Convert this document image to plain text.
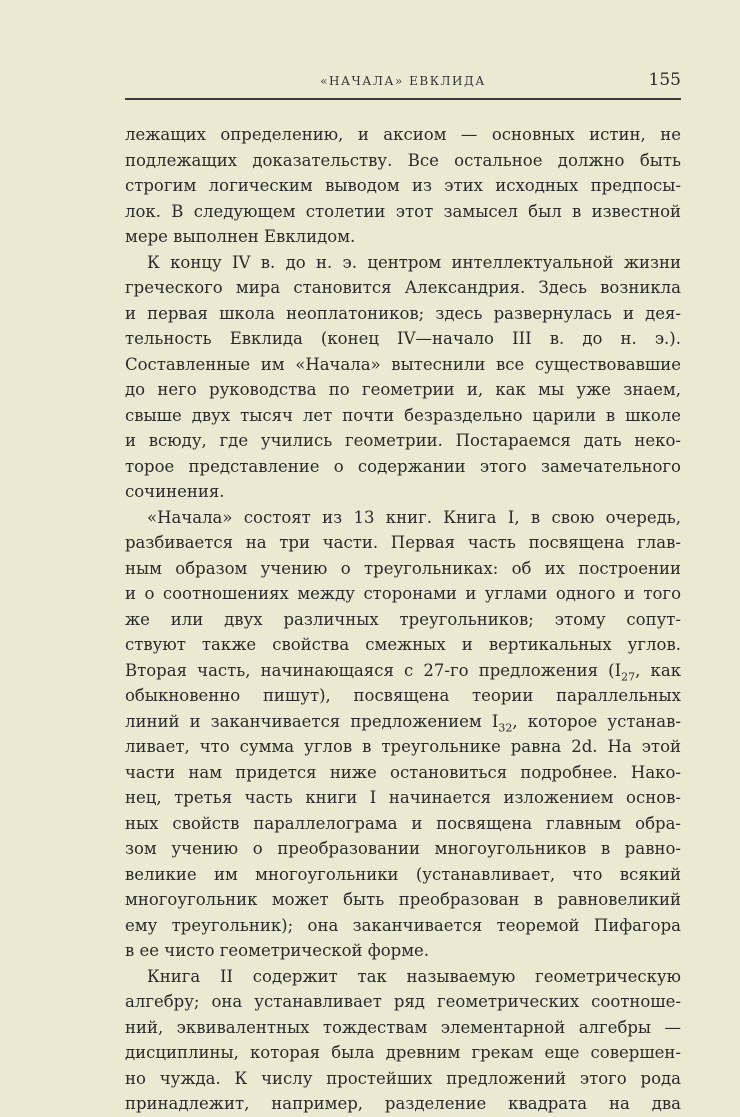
«НАЧАЛА» ЕВКЛИДА	155
лежащих определению, и аксиом — основных истин, не
подлежащих доказательству. Все остальное должно быть
строгим логическим выводом из этих исходных предпосы-
лок. В следующем столетии этот замысел был в известной
мере выполнен Евклидом.
К концу IV в. до н. э. центром интеллектуальной жизни
греческого мира становится Александрия. Здесь возникла
и первая школа неоплатоников; здесь развернулась и дея-
тельность Евклида (конец IV—начало III в. до н. э.).
Составленные им «Начала» вытеснили все существовавшие
до него руководства по геометрии и, как мы уже знаем,
свыше двух тысяч лет почти безраздельно царили в школе
и всюду, где учились геометрии. Постараемся дать неко-
торое представление о содержании этого замечательного
сочинения.
«Начала» состоят из 13 книг. Книга I, в свою очередь,
разбивается на три части. Первая часть посвящена глав-
ным образом учению о треугольниках: об их построении
и о соотношениях между сторонами и углами одного и того
же или двух различных треугольников; этому сопут-
ствуют также свойства смежных и вертикальных углов.
Вторая часть, начинающаяся с 27-го предложения ($I_{27}$, как
обыкновенно пишут), посвящена теории параллельных
линий и заканчивается предложением $I_{32}$, которое устанав-
ливает, что сумма углов в треугольнике равна 2d. На этой
части нам придется ниже остановиться подробнее. Нако-
нец, третья часть книги I начинается изложением основ-
ных свойств параллелограма и посвящена главным обра-
зом учению о преобразовании многоугольников в равно-
великие им многоугольники (устанавливает, что всякий
многоугольник может быть преобразован в равновеликий
ему треугольник); она заканчивается теоремой Пифагора
в ее чисто геометрической форме.
Книга II содержит так называемую геометрическую
алгебру; она устанавливает ряд геометрических соотноше-
ний, эквивалентных тождествам элементарной алгебры —
дисциплины, которая была древним грекам еще совершен-
но чужда. К числу простейших предложений этого рода
принадлежит, например, разделение квадрата на два
